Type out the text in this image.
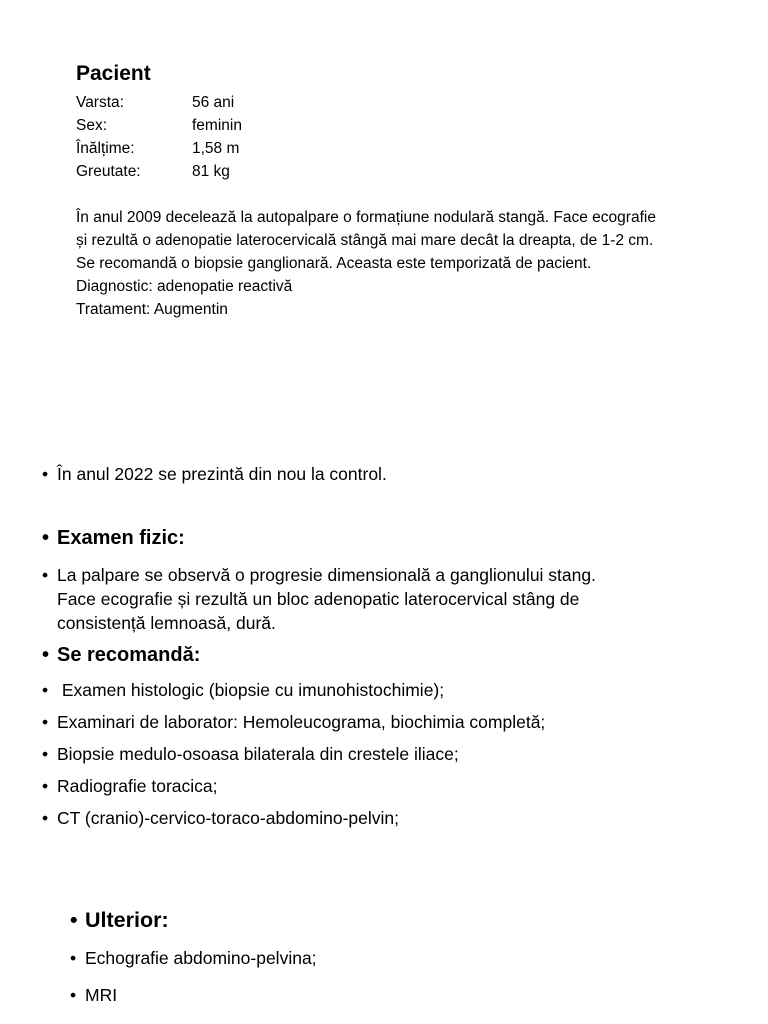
Pacient
Varsta:	56 ani
Sex:	feminin
Înălțime:	1,58 m
Greutate:	81 kg
În anul 2009 decelează la autopalpare o formațiune nodulară stangă. Face ecografie
și rezultă o adenopatie laterocervicală stângă mai mare decât la dreapta, de 1-2 cm.
Se recomandă o biopsie ganglionară. Aceasta este temporizată de pacient.
Diagnostic: adenopatie reactivă
Tratament: Augmentin
• În anul 2022 se prezintă din nou la control.
• Examen fizic:
• La palpare se observă o progresie dimensională a ganglionului stang.
Face ecografie și rezultă un bloc adenopatic laterocervical stâng de
consistență lemnoasă, dură.
• Se recomandă:
• Examen histologic (biopsie cu imunohistochimie);
• Examinari de laborator: Hemoleucograma, biochimia completă;
• Biopsie medulo-osoasa bilaterala din crestele iliace;
• Radiografie toracica;
• CT (cranio)-cervico-toraco-abdomino-pelvin;
• Ulterior:
• Echografie abdomino-pelvina;
• MRI
